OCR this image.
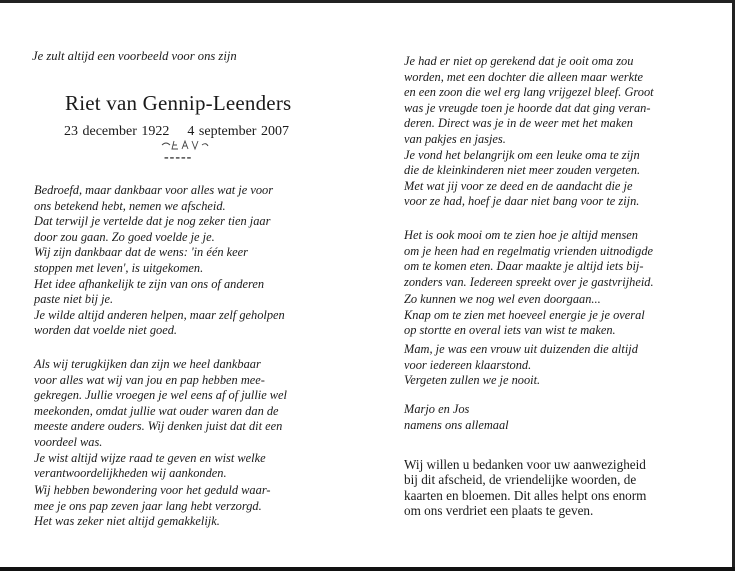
Je zult altijd een voorbeeld voor ons zijn
Riet van Gennip-Leenders
23 december 1922 4 september 2007
-----
Bedroefd, maar dankbaar voor alles wat je voor
ons betekend hebt, nemen we afscheid.
Dat terwijl je vertelde dat je nog zeker tien jaar
door zou gaan. Zo goed voelde je je.
Wij zijn dankbaar dat de wens: 'in één keer
stoppen met leven', is uitgekomen.
Het idee afhankelijk te zijn van ons of anderen
paste niet bij je.
Je wilde altijd anderen helpen, maar zelf geholpen
worden dat voelde niet goed.
Als wij terugkijken dan zijn we heel dankbaar
voor alles wat wij van jou en pap hebben mee-
gekregen. Jullie vroegen je wel eens af of jullie wel
meekonden, omdat jullie wat ouder waren dan de
meeste andere ouders. Wij denken juist dat dit een
voordeel was.
Je wist altijd wijze raad te geven en wist welke
verantwoordelijkheden wij aankonden.
Wij hebben bewondering voor het geduld waar-
mee je ons pap zeven jaar lang hebt verzorgd.
Het was zeker niet altijd gemakkelijk.
Je had er niet op gerekend dat je ooit oma zou
worden, met een dochter die alleen maar werkte
en een zoon die wel erg lang vrijgezel bleef. Groot
was je vreugde toen je hoorde dat dat ging veran-
deren. Direct was je in de weer met het maken
van pakjes en jasjes.
Je vond het belangrijk om een leuke oma te zijn
die de kleinkinderen niet meer zouden vergeten.
Met wat jij voor ze deed en de aandacht die je
voor ze had, hoef je daar niet bang voor te zijn.
Het is ook mooi om te zien hoe je altijd mensen
om je heen had en regelmatig vrienden uitnodigde
om te komen eten. Daar maakte je altijd iets bij-
zonders van. Iedereen spreekt over je gastvrijheid.
Zo kunnen we nog wel even doorgaan...
Knap om te zien met hoeveel energie je je overal
op stortte en overal iets van wist te maken.
Mam, je was een vrouw uit duizenden die altijd
voor iedereen klaarstond.
Vergeten zullen we je nooit.
Marjo en Jos
namens ons allemaal
Wij willen u bedanken voor uw aanwezigheid
bij dit afscheid, de vriendelijke woorden, de
kaarten en bloemen. Dit alles helpt ons enorm
om ons verdriet een plaats te geven.
